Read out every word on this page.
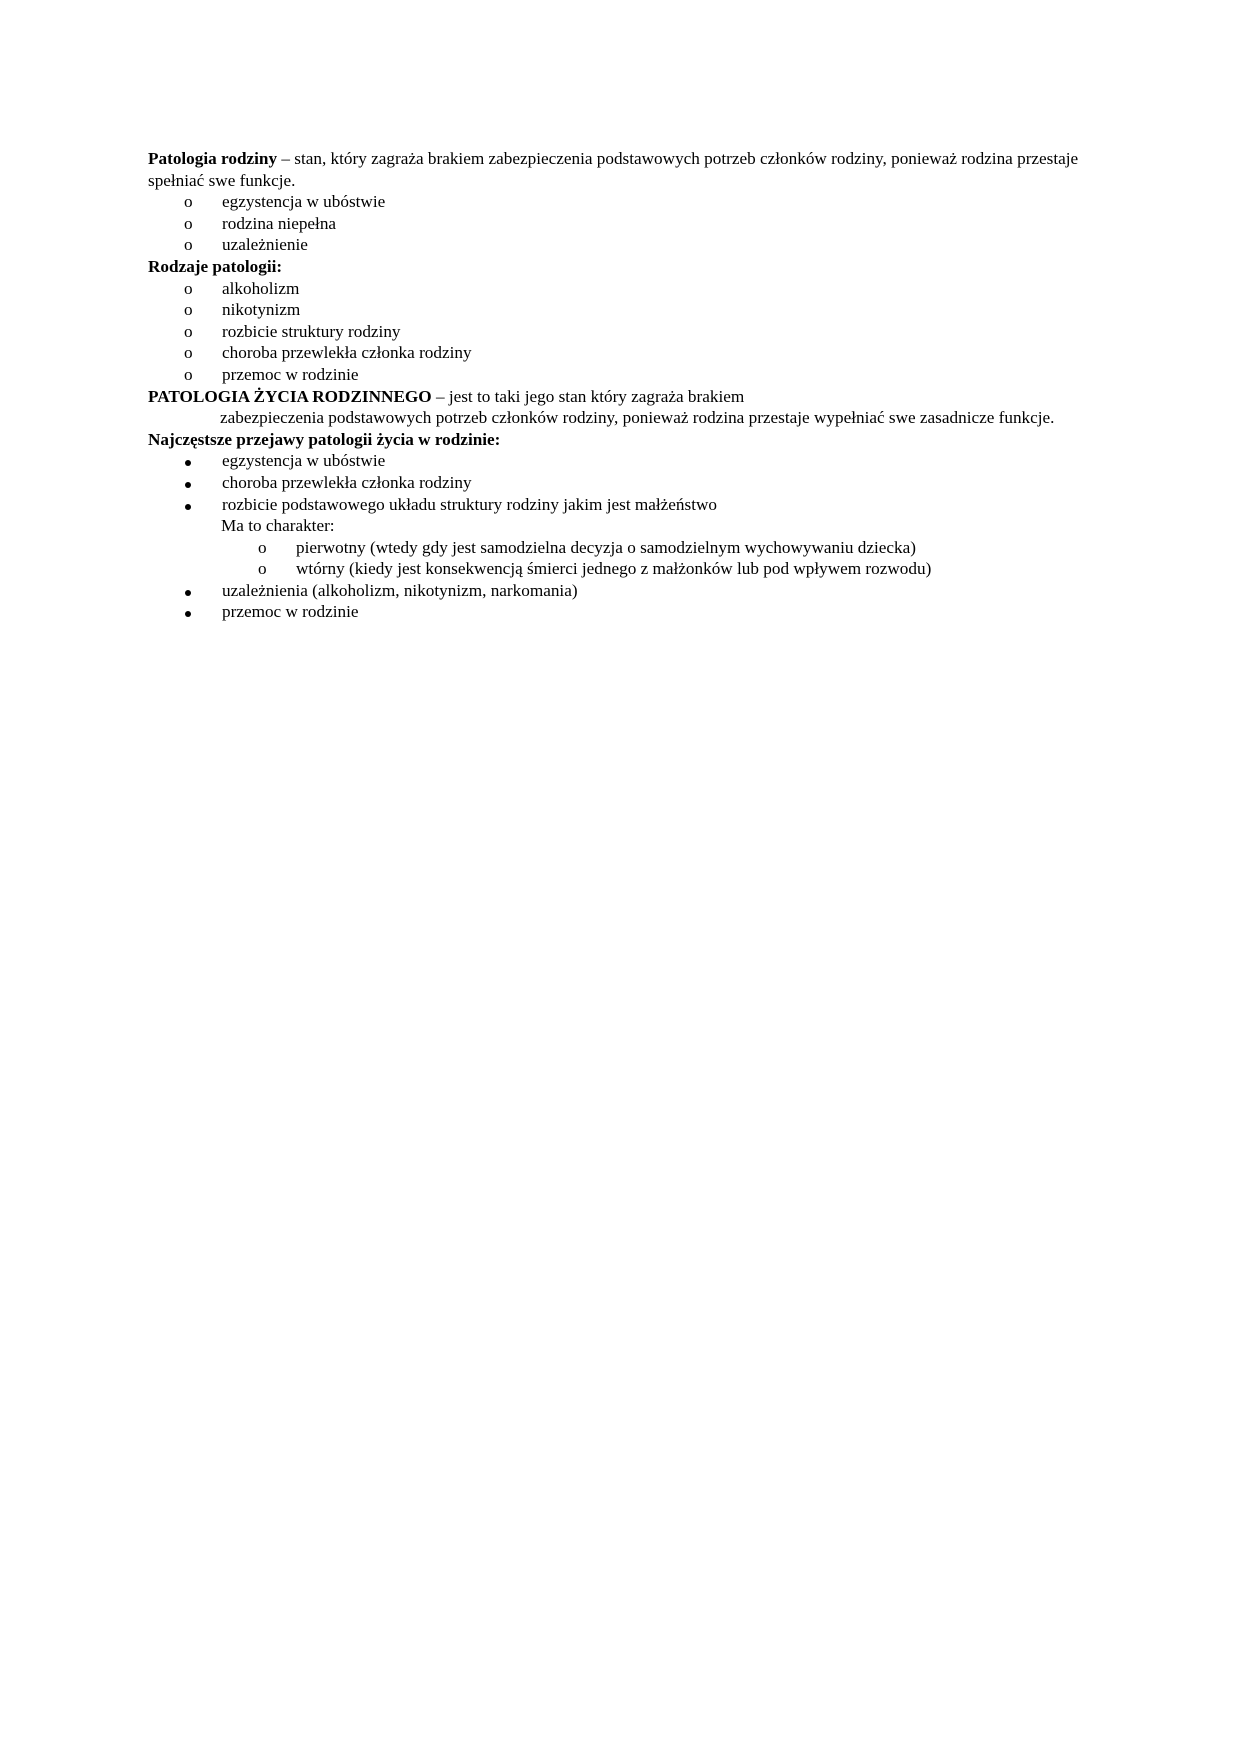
Patologia rodziny – stan, który zagraża brakiem zabezpieczenia podstawowych potrzeb członków rodziny, ponieważ rodzina przestaje spełniać swe funkcje.

o	egzystencja w ubóstwie
o	rodzina niepełna
o	uzależnienie

Rodzaje patologii:

o	alkoholizm
o	nikotynizm
o	rozbicie struktury rodziny
o	choroba przewlekła członka rodziny
o	przemoc w rodzinie

PATOLOGIA ŻYCIA RODZINNEGO – jest to taki jego stan który zagraża brakiem

zabezpieczenia podstawowych potrzeb członków rodziny, ponieważ rodzina przestaje wypełniać swe zasadnicze funkcje.

Najczęstsze przejawy patologii życia w rodzinie:

egzystencja w ubóstwie
choroba przewlekła członka rodziny
rozbicie podstawowego układu struktury rodziny jakim jest małżeństwo
Ma to charakter:
o	pierwotny (wtedy gdy jest samodzielna decyzja o samodzielnym wychowywaniu dziecka)
o	wtórny (kiedy jest konsekwencją śmierci jednego z małżonków lub pod wpływem rozwodu)
uzależnienia (alkoholizm, nikotynizm, narkomania)
przemoc w rodzinie
